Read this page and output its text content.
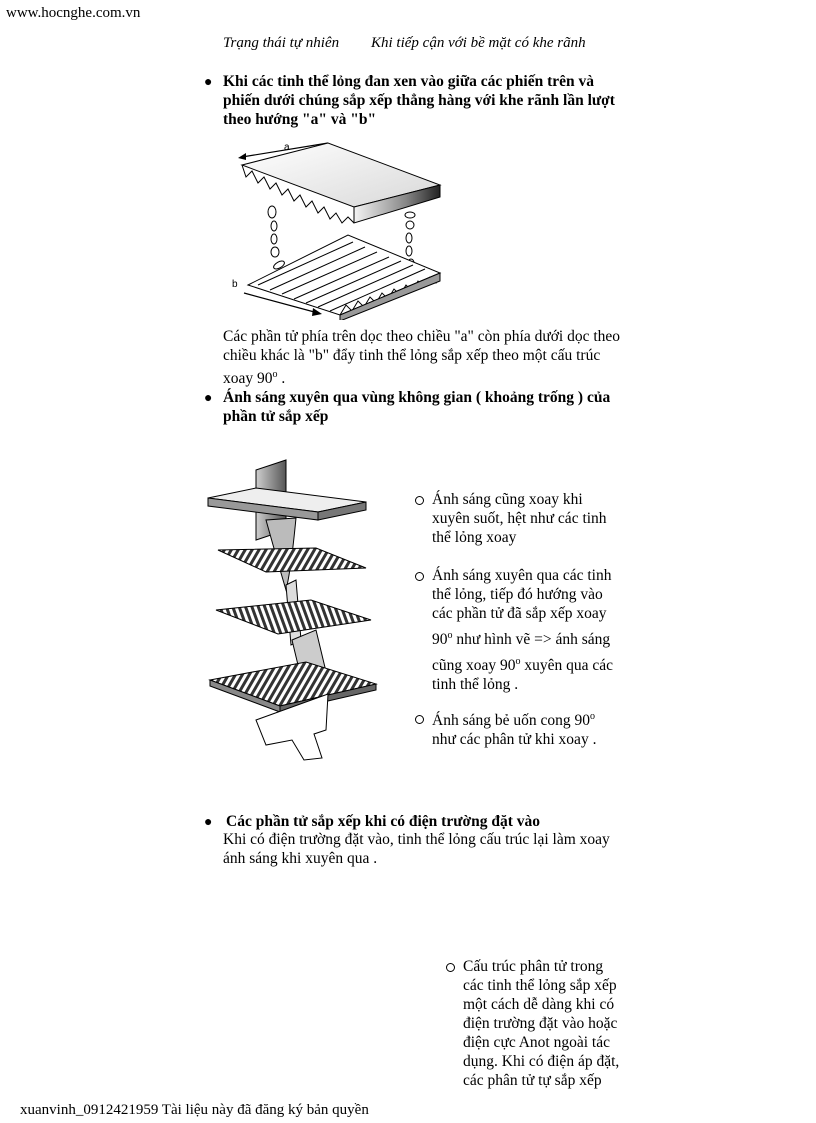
www.hocnghe.com.vn
Trạng thái tự nhiên Khi tiếp cận với bề mặt có khe rãnh
● Khi các tinh thể lỏng đan xen vào giữa các phiến trên và
phiến dưới chúng sắp xếp thẳng hàng với khe rãnh lần lượt
theo hướng "a" và "b"
a
b
Các phần tử phía trên dọc theo chiều "a" còn phía dưới dọc theo
chiều khác là "b" đẩy tinh thể lỏng sắp xếp theo một cấu trúc
xoay 90$^o$ .
● Ánh sáng xuyên qua vùng không gian ( khoảng trống ) của
phần tử sắp xếp
Ánh sáng cũng xoay khi
xuyên suốt, hệt như các tinh
thể lỏng xoay
Ánh sáng xuyên qua các tinh
thể lỏng, tiếp đó hướng vào
các phần tử đã sắp xếp xoay
90$^o$ như hình vẽ => ánh sáng
cũng xoay 90$^o$ xuyên qua các
tinh thể lỏng .
Ánh sáng bẻ uốn cong 90$^o$
như các phân tử khi xoay .
● Các phần tử sắp xếp khi có điện trường đặt vào
Khi có điện trường đặt vào, tinh thể lỏng cấu trúc lại làm xoay
ánh sáng khi xuyên qua .
Cấu trúc phân tử trong
các tinh thể lỏng sắp xếp
một cách dễ dàng khi có
điện trường đặt vào hoặc
điện cực Anot ngoài tác
dụng. Khi có điện áp đặt,
các phân tử tự sắp xếp
xuanvinh_0912421959 Tài liệu này đã đăng ký bản quyền
